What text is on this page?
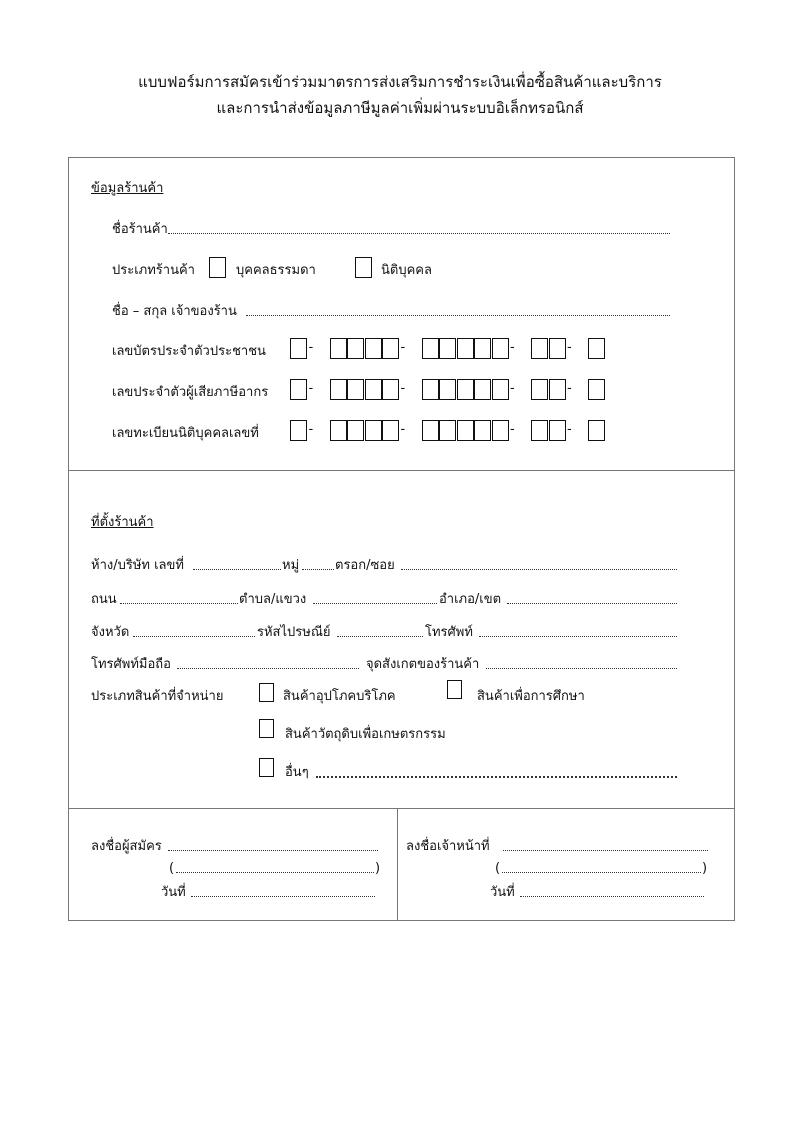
แบบฟอร์มการสมัครเข้าร่วมมาตรการส่งเสริมการชำระเงินเพื่อซื้อสินค้าและบริการ
และการนำส่งข้อมูลภาษีมูลค่าเพิ่มผ่านระบบอิเล็กทรอนิกส์
ข้อมูลร้านค้า
ชื่อร้านค้า
ประเภทร้านค้า	บุคคลธรรมดา	นิติบุคคล
ชื่อ – สกุล เจ้าของร้าน
เลขบัตรประจำตัวประชาชน	-	-	-	-
เลขประจำตัวผู้เสียภาษีอากร	-	-	-	-
เลขทะเบียนนิติบุคคลเลขที่	-	-	-	-
ที่ตั้งร้านค้า
ห้าง/บริษัท เลขที่	หมู่	ตรอก/ซอย
ถนน	ตำบล/แขวง	อำเภอ/เขต
จังหวัด	รหัสไปรษณีย์	โทรศัพท์
โทรศัพท์มือถือ	จุดสังเกตของร้านค้า
ประเภทสินค้าที่จำหน่าย	สินค้าอุปโภคบริโภค	สินค้าเพื่อการศึกษา
สินค้าวัตถุดิบเพื่อเกษตรกรรม
อื่นๆ
ลงชื่อผู้สมัคร
(	)
วันที่
ลงชื่อเจ้าหน้าที่
(	)
วันที่
